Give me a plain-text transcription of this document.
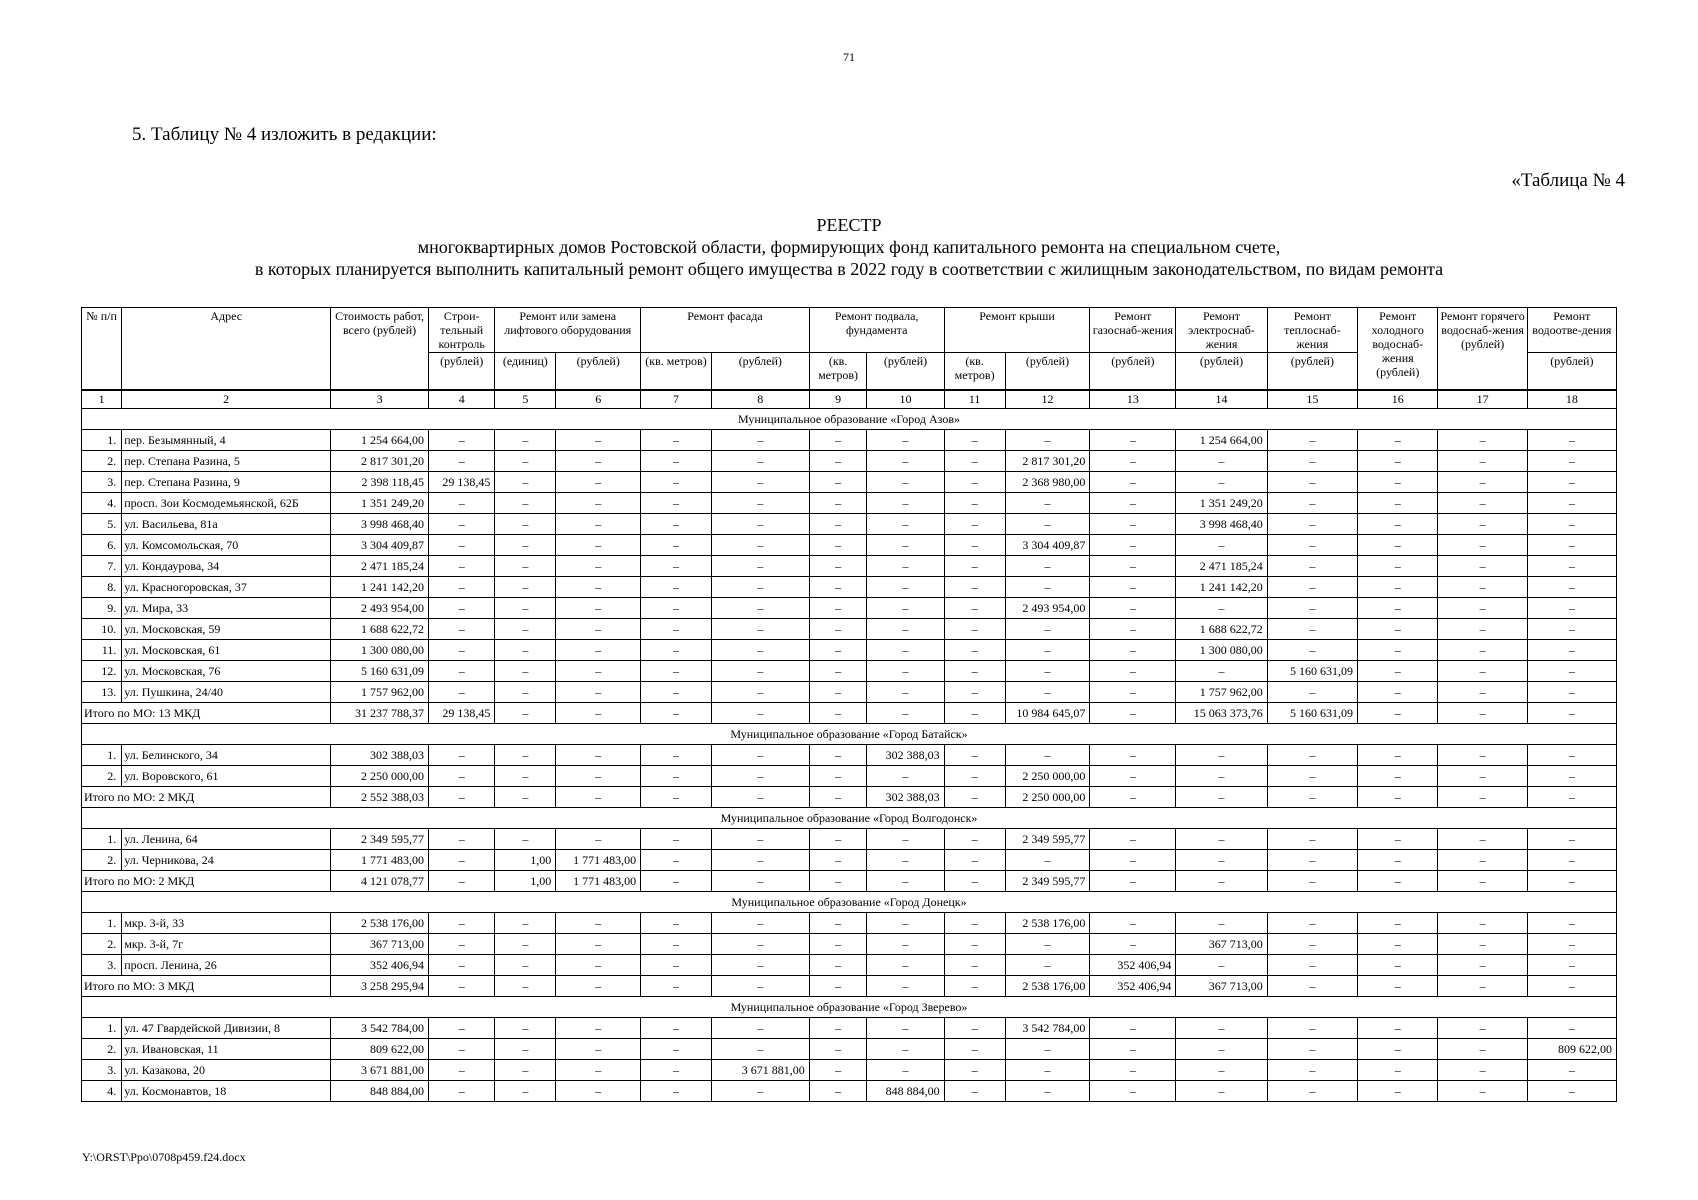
71
5. Таблицу № 4 изложить в редакции:
«Таблица № 4
РЕЕСТР
многоквартирных домов Ростовской области, формирующих фонд капитального ремонта на специальном счете,
в которых планируется выполнить капитальный ремонт общего имущества в 2022 году в соответствии с жилищным законодательством, по видам ремонта
№ п/п	Адрес	Стоимость работ, всего (рублей)	Строи-тельный контроль	Ремонт или замена лифтового оборудования		Ремонт фасада		Ремонт подвала, фундамента		Ремонт крыши		Ремонт газоснаб-жения	Ремонт электроснаб-жения	Ремонт теплоснаб-жения	Ремонт холодного водоснаб-жения (рублей)	Ремонт горячего водоснаб-жения (рублей)	Ремонт водоотве-дения
			(рублей)	(единиц)	(рублей)	(кв. метров)	(рублей)	(кв. метров)	(рублей)	(кв. метров)	(рублей)	(рублей)	(рублей)	(рублей)			(рублей)
1	2	3	4	5	6	7	8	9	10	11	12	13	14	15	16	17	18
Муниципальное образование «Город Азов»																	
1.	пер. Безымянный, 4	1 254 664,00	–	–	–	–	–	–	–	–	–	–	1 254 664,00	–	–	–	–
2.	пер. Степана Разина, 5	2 817 301,20	–	–	–	–	–	–	–	–	2 817 301,20	–	–	–	–	–	–
3.	пер. Степана Разина, 9	2 398 118,45	29 138,45	–	–	–	–	–	–	–	2 368 980,00	–	–	–	–	–	–
4.	просп. Зои Космодемьянской, 62Б	1 351 249,20	–	–	–	–	–	–	–	–	–	–	1 351 249,20	–	–	–	–
5.	ул. Васильева, 81а	3 998 468,40	–	–	–	–	–	–	–	–	–	–	3 998 468,40	–	–	–	–
6.	ул. Комсомольская, 70	3 304 409,87	–	–	–	–	–	–	–	–	3 304 409,87	–	–	–	–	–	–
7.	ул. Кондаурова, 34	2 471 185,24	–	–	–	–	–	–	–	–	–	–	2 471 185,24	–	–	–	–
8.	ул. Красногоровская, 37	1 241 142,20	–	–	–	–	–	–	–	–	–	–	1 241 142,20	–	–	–	–
9.	ул. Мира, 33	2 493 954,00	–	–	–	–	–	–	–	–	2 493 954,00	–	–	–	–	–	–
10.	ул. Московская, 59	1 688 622,72	–	–	–	–	–	–	–	–	–	–	1 688 622,72	–	–	–	–
11.	ул. Московская, 61	1 300 080,00	–	–	–	–	–	–	–	–	–	–	1 300 080,00	–	–	–	–
12.	ул. Московская, 76	5 160 631,09	–	–	–	–	–	–	–	–	–	–	–	5 160 631,09	–	–	–
13.	ул. Пушкина, 24/40	1 757 962,00	–	–	–	–	–	–	–	–	–	–	1 757 962,00	–	–	–	–
Итого по МО: 13 МКД		31 237 788,37	29 138,45	–	–	–	–	–	–	–	10 984 645,07	–	15 063 373,76	5 160 631,09	–	–	–
Муниципальное образование «Город Батайск»																	
1.	ул. Белинского, 34	302 388,03	–	–	–	–	–	–	302 388,03	–	–	–	–	–	–	–	–
2.	ул. Воровского, 61	2 250 000,00	–	–	–	–	–	–	–	–	2 250 000,00	–	–	–	–	–	–
Итого по МО: 2 МКД		2 552 388,03	–	–	–	–	–	–	302 388,03	–	2 250 000,00	–	–	–	–	–	–
Муниципальное образование «Город Волгодонск»																	
1.	ул. Ленина, 64	2 349 595,77	–	–	–	–	–	–	–	–	2 349 595,77	–	–	–	–	–	–
2.	ул. Черникова, 24	1 771 483,00	–	1,00	1 771 483,00	–	–	–	–	–	–	–	–	–	–	–	–
Итого по МО: 2 МКД		4 121 078,77	–	1,00	1 771 483,00	–	–	–	–	–	2 349 595,77	–	–	–	–	–	–
Муниципальное образование «Город Донецк»																	
1.	мкр. 3-й, 33	2 538 176,00	–	–	–	–	–	–	–	–	2 538 176,00	–	–	–	–	–	–
2.	мкр. 3-й, 7г	367 713,00	–	–	–	–	–	–	–	–	–	–	367 713,00	–	–	–	–
3.	просп. Ленина, 26	352 406,94	–	–	–	–	–	–	–	–	–	352 406,94	–	–	–	–	–
Итого по МО: 3 МКД		3 258 295,94	–	–	–	–	–	–	–	–	2 538 176,00	352 406,94	367 713,00	–	–	–	–
Муниципальное образование «Город Зверево»																	
1.	ул. 47 Гвардейской Дивизии, 8	3 542 784,00	–	–	–	–	–	–	–	–	3 542 784,00	–	–	–	–	–	–
2.	ул. Ивановская, 11	809 622,00	–	–	–	–	–	–	–	–	–	–	–	–	–	–	809 622,00
3.	ул. Казакова, 20	3 671 881,00	–	–	–	–	3 671 881,00	–	–	–	–	–	–	–	–	–	–
4.	ул. Космонавтов, 18	848 884,00	–	–	–	–	–	–	848 884,00	–	–	–	–	–	–	–	–
Y:\ORST\Ppo\0708p459.f24.docx
